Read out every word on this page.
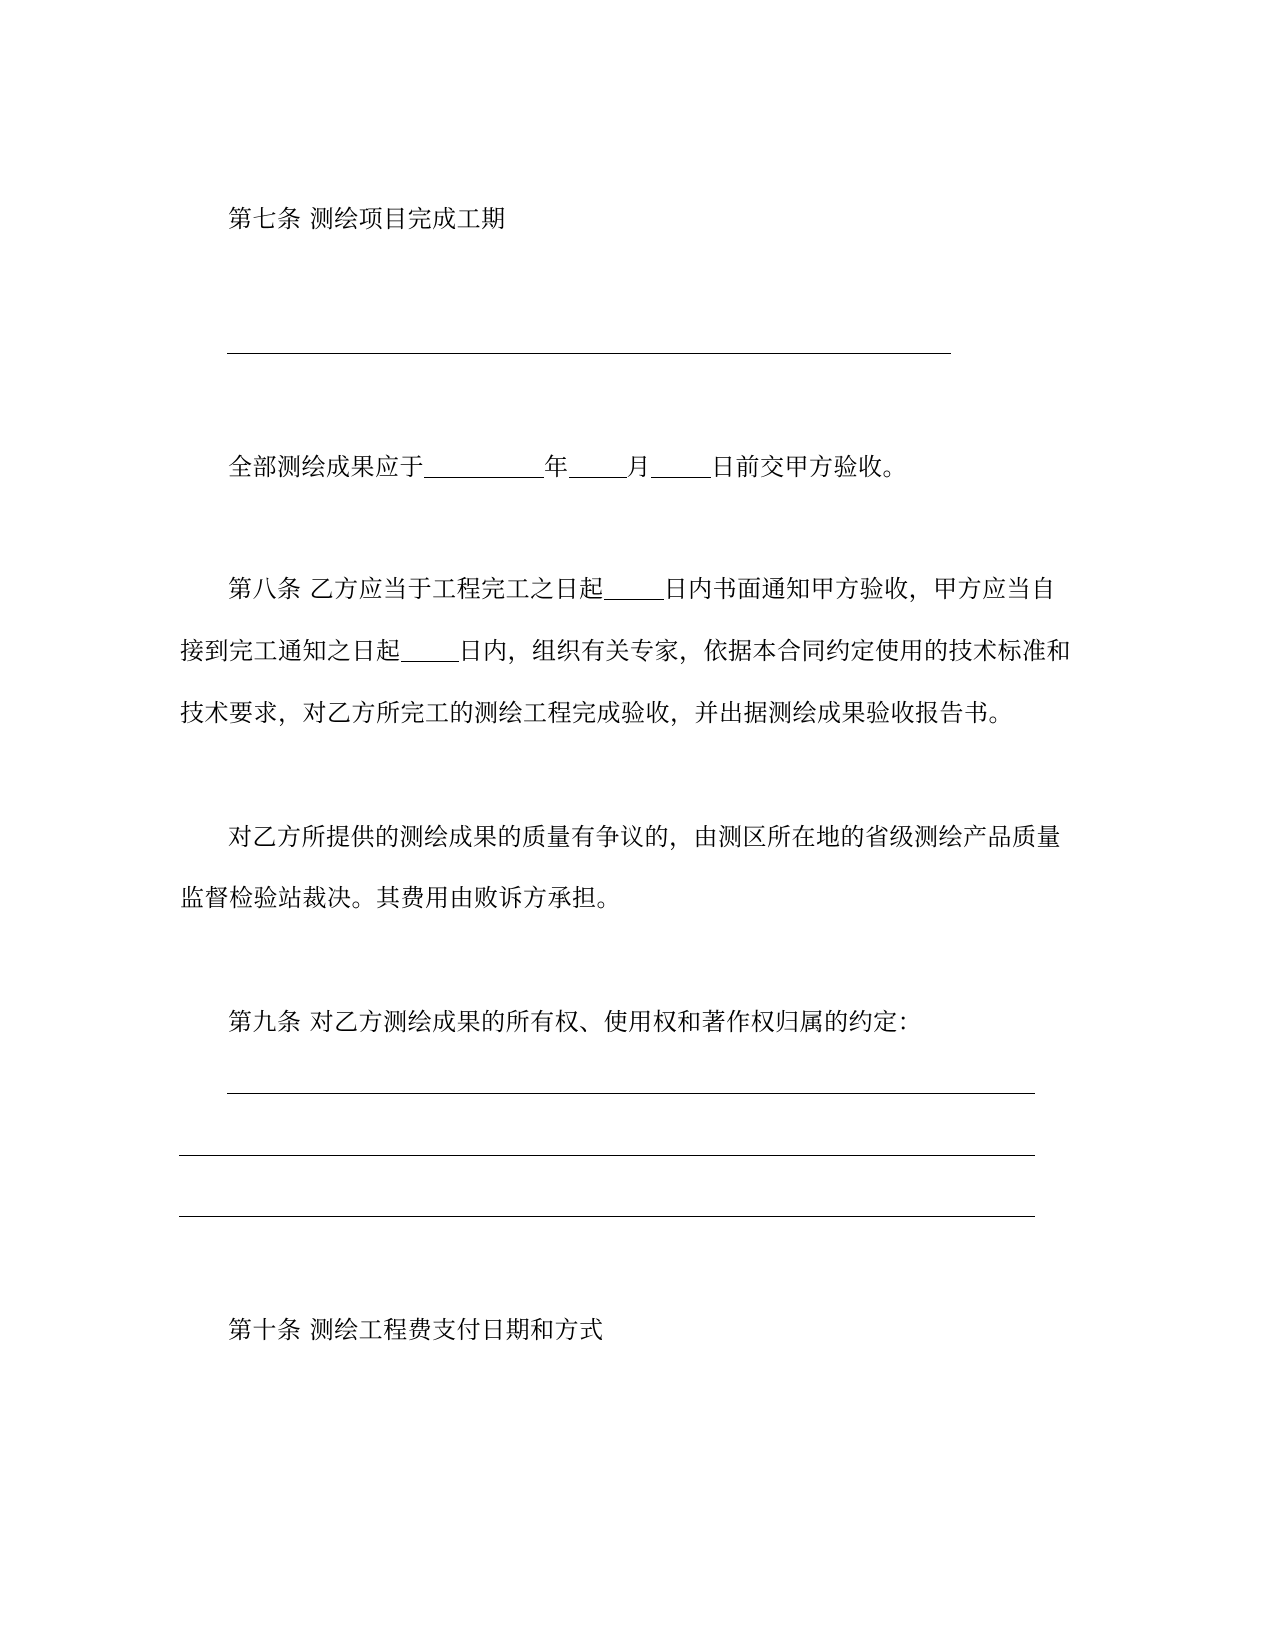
第七条 测绘项目完成工期
全部测绘成果应于	年 月	日前交甲方验收。
第八条 乙方应当于工程完工之日起	日内书面通知甲方验收，甲方应当自
接到完工通知之日起 日内，组织有关专家，依据本合同约定使用的技术标准和
技术要求，对乙方所完工的测绘工程完成验收，并出据测绘成果验收报告书。
对乙方所提供的测绘成果的质量有争议的，由测区所在地的省级测绘产品质量
监督检验站裁决。其费用由败诉方承担。
第九条 对乙方测绘成果的所有权、使用权和著作权归属的约定：
第十条 测绘工程费支付日期和方式
